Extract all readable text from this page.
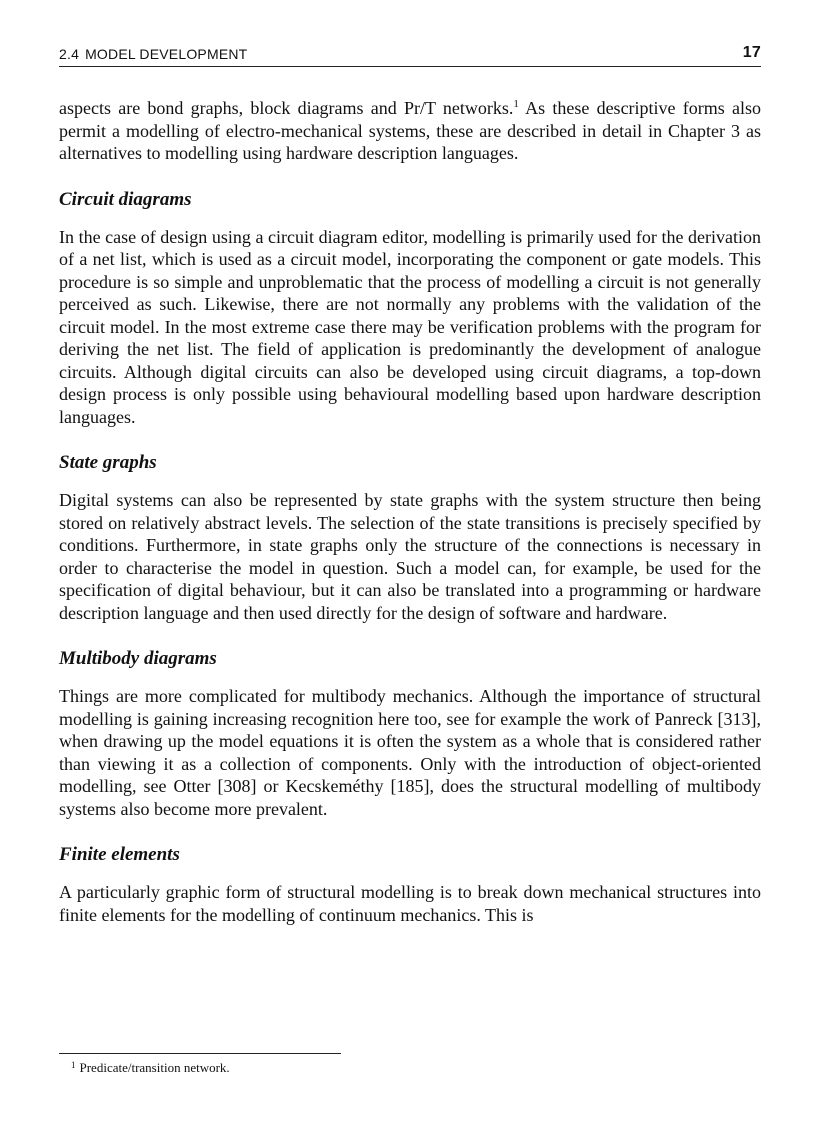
2.4 MODEL DEVELOPMENT	17

aspects are bond graphs, block diagrams and Pr/T networks.$^1$ As these descriptive forms also permit a modelling of electro-mechanical systems, these are described in detail in Chapter 3 as alternatives to modelling using hardware description languages.

Circuit diagrams

In the case of design using a circuit diagram editor, modelling is primarily used for the derivation of a net list, which is used as a circuit model, incorporating the component or gate models. This procedure is so simple and unproblematic that the process of modelling a circuit is not generally perceived as such. Likewise, there are not normally any problems with the validation of the circuit model. In the most extreme case there may be verification problems with the program for deriving the net list. The field of application is predominantly the development of analogue circuits. Although digital circuits can also be developed using circuit diagrams, a top-down design process is only possible using behavioural modelling based upon hardware description languages.

State graphs

Digital systems can also be represented by state graphs with the system structure then being stored on relatively abstract levels. The selection of the state transitions is precisely specified by conditions. Furthermore, in state graphs only the structure of the connections is necessary in order to characterise the model in question. Such a model can, for example, be used for the specification of digital behaviour, but it can also be translated into a programming or hardware description language and then used directly for the design of software and hardware.

Multibody diagrams

Things are more complicated for multibody mechanics. Although the importance of structural modelling is gaining increasing recognition here too, see for example the work of Panreck [313], when drawing up the model equations it is often the system as a whole that is considered rather than viewing it as a collection of components. Only with the introduction of object-oriented modelling, see Otter [308] or Kecskeméthy [185], does the structural modelling of multibody systems also become more prevalent.

Finite elements

A particularly graphic form of structural modelling is to break down mechanical structures into finite elements for the modelling of continuum mechanics. This is

$^1$ Predicate/transition network.
